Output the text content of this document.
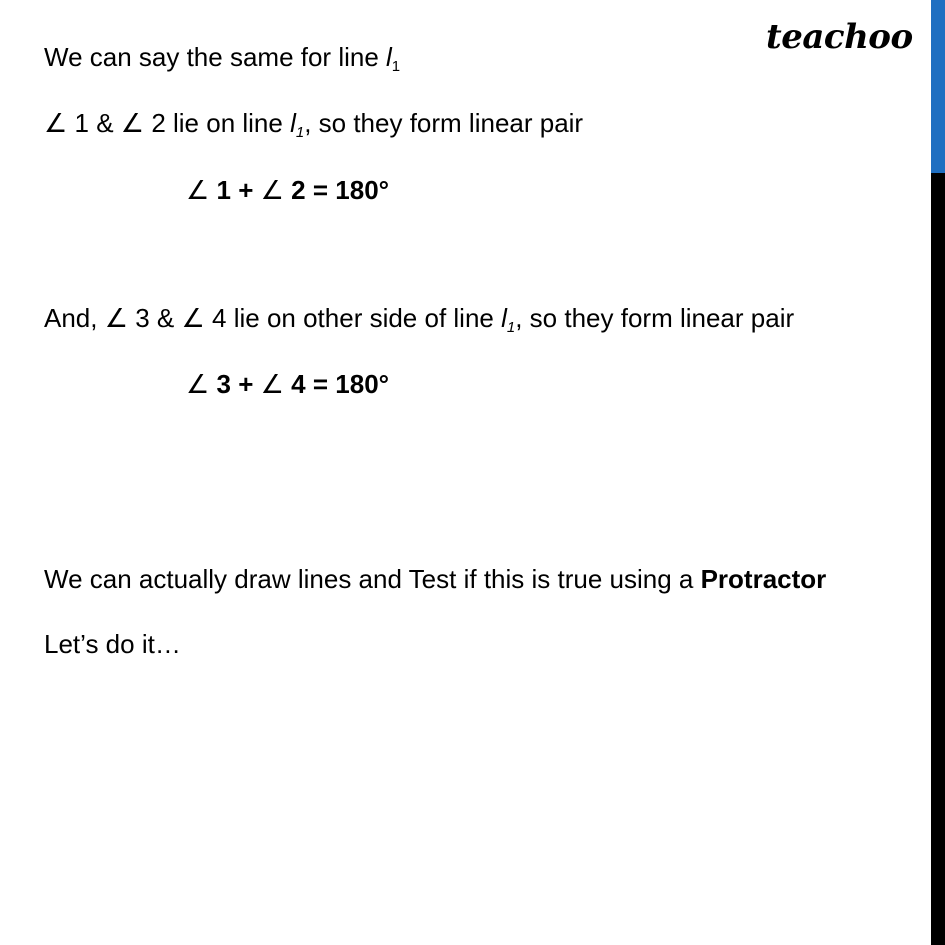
teachoo
We can say the same for line $l_1$
∠ 1 & ∠ 2 lie on line $l_1$, so they form linear pair
∠ 1 + ∠ 2 = 180°
And, ∠ 3 & ∠ 4 lie on other side of line $l_1$, so they form linear pair
∠ 3 + ∠ 4 = 180°
We can actually draw lines and Test if this is true using a Protractor
Let’s do it…
